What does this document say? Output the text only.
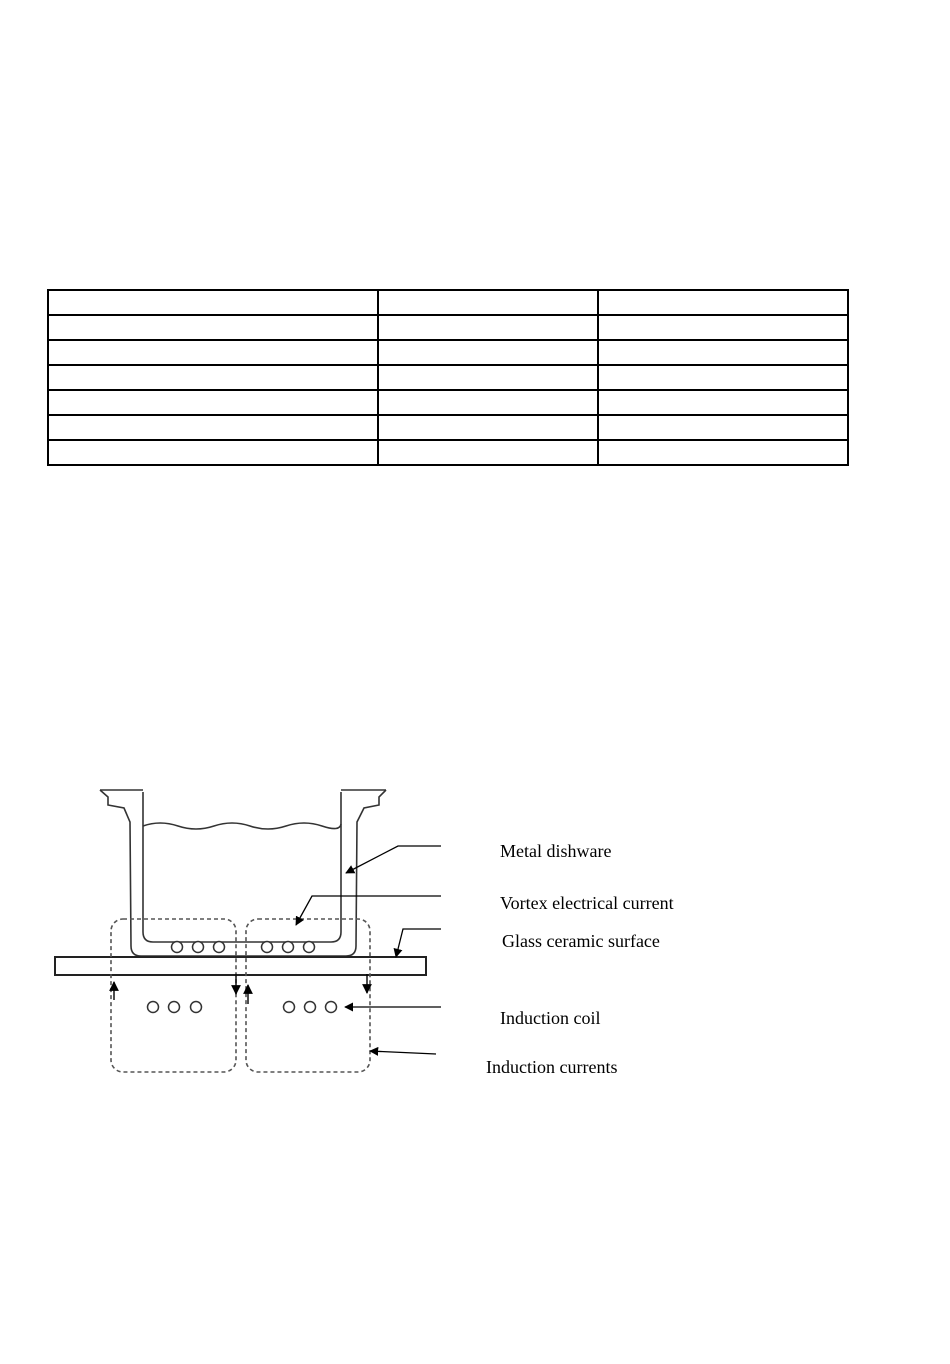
Metal dishware
Vortex electrical current
Glass ceramic surface
Induction coil
Induction currents
